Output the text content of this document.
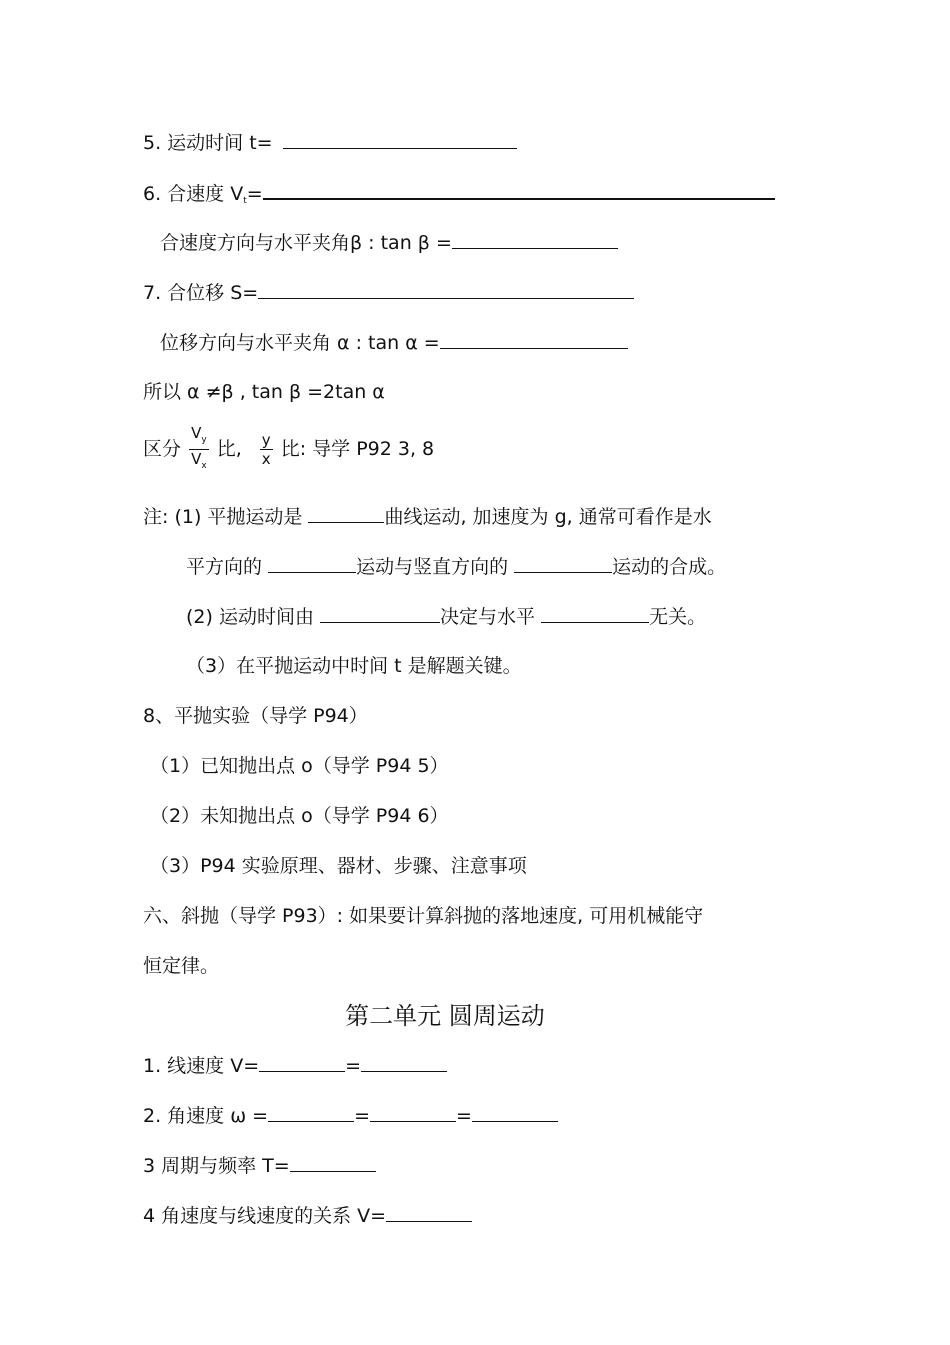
5. 运动时间 t=
6. 合速度 $V_t=$
合速度方向与水平夹角β : tan β =
7. 合位移 S=
位移方向与水平夹角 α : tan α =
所以 α ≠β , tan β =2tan α
区分 $\frac{V_y}{V_x}$ 比, $\frac{y}{x}$ 比: 导学 P92 3, 8
注: (1) 平抛运动是	曲线运动, 加速度为 g, 通常可看作是水
平方向的	运动与竖直方向的	运动的合成。
(2) 运动时间由	决定与水平	无关。
（3）在平抛运动中时间 t 是解题关键。
8、平抛实验（导学 P94）
（1）已知抛出点 o（导学 P94 5）
（2）未知抛出点 o（导学 P94 6）
（3）P94 实验原理、器材、步骤、注意事项
六、斜抛（导学 P93）: 如果要计算斜抛的落地速度, 可用机械能守
恒定律。
第二单元 圆周运动
1. 线速度 V=	=
2. 角速度 ω =	=	=
3 周期与频率 T=
4 角速度与线速度的关系 V=
